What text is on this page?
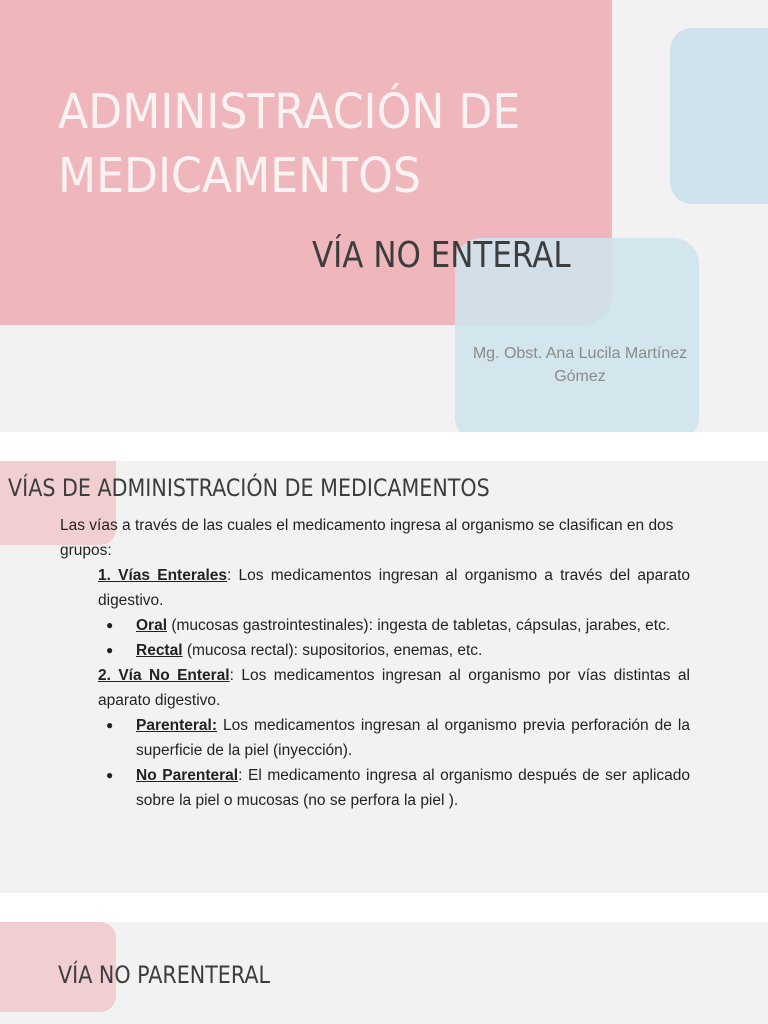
ADMINISTRACIÓN DE
MEDICAMENTOS
VÍA NO ENTERAL
Mg. Obst. Ana Lucila Martínez
Gómez
VÍAS DE ADMINISTRACIÓN DE MEDICAMENTOS

Las vías a través de las cuales el medicamento ingresa al organismo se clasifican en dos grupos:

1. Vías Enterales: Los medicamentos ingresan al organismo a través del aparato digestivo.

● Oral (mucosas gastrointestinales): ingesta de tabletas, cápsulas, jarabes, etc.
● Rectal (mucosa rectal): supositorios, enemas, etc.

2. Vía No Enteral: Los medicamentos ingresan al organismo por vías distintas al aparato digestivo.

● Parenteral: Los medicamentos ingresan al organismo previa perforación de la superficie de la piel (inyección).
● No Parenteral: El medicamento ingresa al organismo después de ser aplicado sobre la piel o mucosas (no se perfora la piel ).
VÍA NO PARENTERAL
